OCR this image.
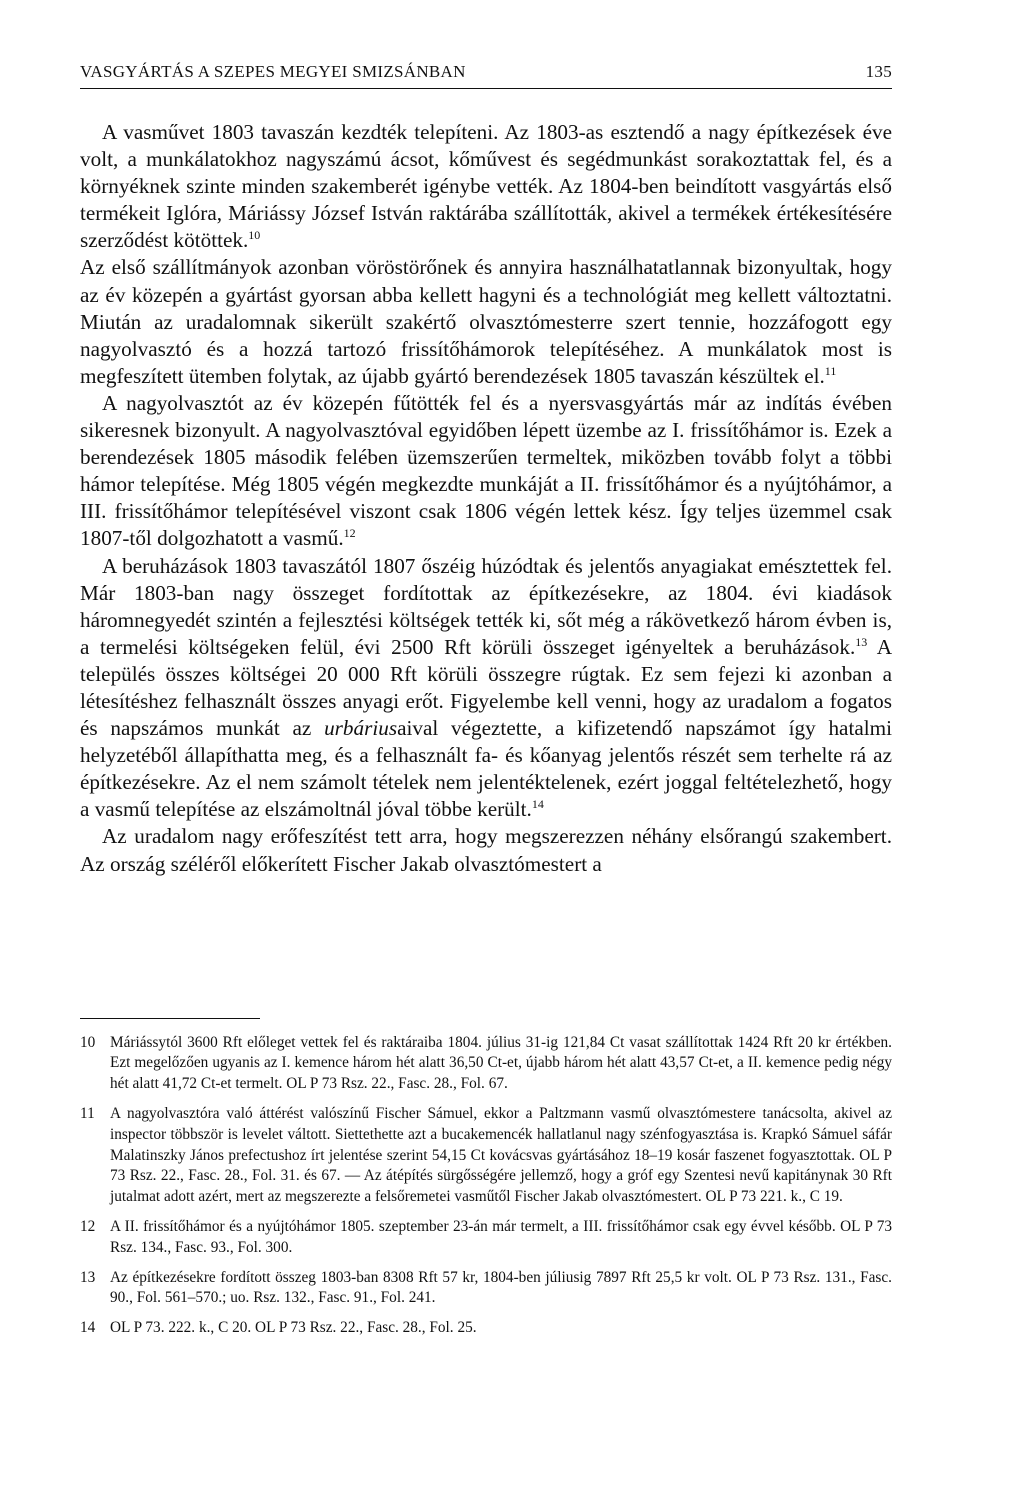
VASGYÁRTÁS A SZEPES MEGYEI SMIZSÁNBAN	135

A vasművet 1803 tavaszán kezdték telepíteni. Az 1803-as esztendő a nagy építkezések éve volt, a munkálatokhoz nagyszámú ácsot, kőművest és segédmunkást sorakoztattak fel, és a környéknek szinte minden szakemberét igénybe vették. Az 1804-ben beindított vasgyártás első termékeit Iglóra, Máriássy József István raktárába szállították, akivel a termékek értékesítésére szerződést kötöttek.$^{10}$

Az első szállítmányok azonban vöröstörőnek és annyira használhatatlannak bizonyultak, hogy az év közepén a gyártást gyorsan abba kellett hagyni és a technológiát meg kellett változtatni. Miután az uradalomnak sikerült szakértő olvasztómesterre szert tennie, hozzáfogott egy nagyolvasztó és a hozzá tartozó frissítőhámorok telepítéséhez. A munkálatok most is megfeszített ütemben folytak, az újabb gyártó berendezések 1805 tavaszán készültek el.$^{11}$

A nagyolvasztót az év közepén fűtötték fel és a nyersvasgyártás már az indítás évében sikeresnek bizonyult. A nagyolvasztóval egyidőben lépett üzembe az I. frissítőhámor is. Ezek a berendezések 1805 második felében üzemszerűen termeltek, miközben tovább folyt a többi hámor telepítése. Még 1805 végén megkezdte munkáját a II. frissítőhámor és a nyújtóhámor, a III. frissítőhámor telepítésével viszont csak 1806 végén lettek kész. Így teljes üzemmel csak 1807-től dolgozhatott a vasmű.$^{12}$

A beruházások 1803 tavaszától 1807 őszéig húzódtak és jelentős anyagiakat emésztettek fel. Már 1803-ban nagy összeget fordítottak az építkezésekre, az 1804. évi kiadások háromnegyedét szintén a fejlesztési költségek tették ki, sőt még a rákövetkező három évben is, a termelési költségeken felül, évi 2500 Rft körüli összeget igényeltek a beruházások.$^{13}$ A település összes költségei 20 000 Rft körüli összegre rúgtak. Ez sem fejezi ki azonban a létesítéshez felhasznált összes anyagi erőt. Figyelembe kell venni, hogy az uradalom a fogatos és napszámos munkát az urbáriusaival végeztette, a kifizetendő napszámot így hatalmi helyzetéből állapíthatta meg, és a felhasznált fa- és kőanyag jelentős részét sem terhelte rá az építkezésekre. Az el nem számolt tételek nem jelentéktelenek, ezért joggal feltételezhető, hogy a vasmű telepítése az elszámoltnál jóval többe került.$^{14}$

Az uradalom nagy erőfeszítést tett arra, hogy megszerezzen néhány elsőrangú szakembert. Az ország széléről előkerített Fischer Jakab olvasztómestert a

10 Máriássytól 3600 Rft előleget vettek fel és raktáraiba 1804. július 31-ig 121,84 Ct vasat szállítottak 1424 Rft 20 kr értékben. Ezt megelőzően ugyanis az I. kemence három hét alatt 36,50 Ct-et, újabb három hét alatt 43,57 Ct-et, a II. kemence pedig négy hét alatt 41,72 Ct-et termelt. OL P 73 Rsz. 22., Fasc. 28., Fol. 67.
11 A nagyolvasztóra való áttérést valószínű Fischer Sámuel, ekkor a Paltzmann vasmű olvasztómestere tanácsolta, akivel az inspector többször is levelet váltott. Siettethette azt a bucakemencék hallatlanul nagy szénfogyasztása is. Krapkó Sámuel sáfár Malatinszky János prefectushoz írt jelentése szerint 54,15 Ct kovácsvas gyártásához 18–19 kosár faszenet fogyasztottak. OL P 73 Rsz. 22., Fasc. 28., Fol. 31. és 67. — Az átépítés sürgősségére jellemző, hogy a gróf egy Szentesi nevű kapitánynak 30 Rft jutalmat adott azért, mert az megszerezte a felsőremetei vasműtől Fischer Jakab olvasztómestert. OL P 73 221. k., C 19.
12 A II. frissítőhámor és a nyújtóhámor 1805. szeptember 23-án már termelt, a III. frissítőhámor csak egy évvel később. OL P 73 Rsz. 134., Fasc. 93., Fol. 300.
13 Az építkezésekre fordított összeg 1803-ban 8308 Rft 57 kr, 1804-ben júliusig 7897 Rft 25,5 kr volt. OL P 73 Rsz. 131., Fasc. 90., Fol. 561–570.; uo. Rsz. 132., Fasc. 91., Fol. 241.
14 OL P 73. 222. k., C 20. OL P 73 Rsz. 22., Fasc. 28., Fol. 25.
